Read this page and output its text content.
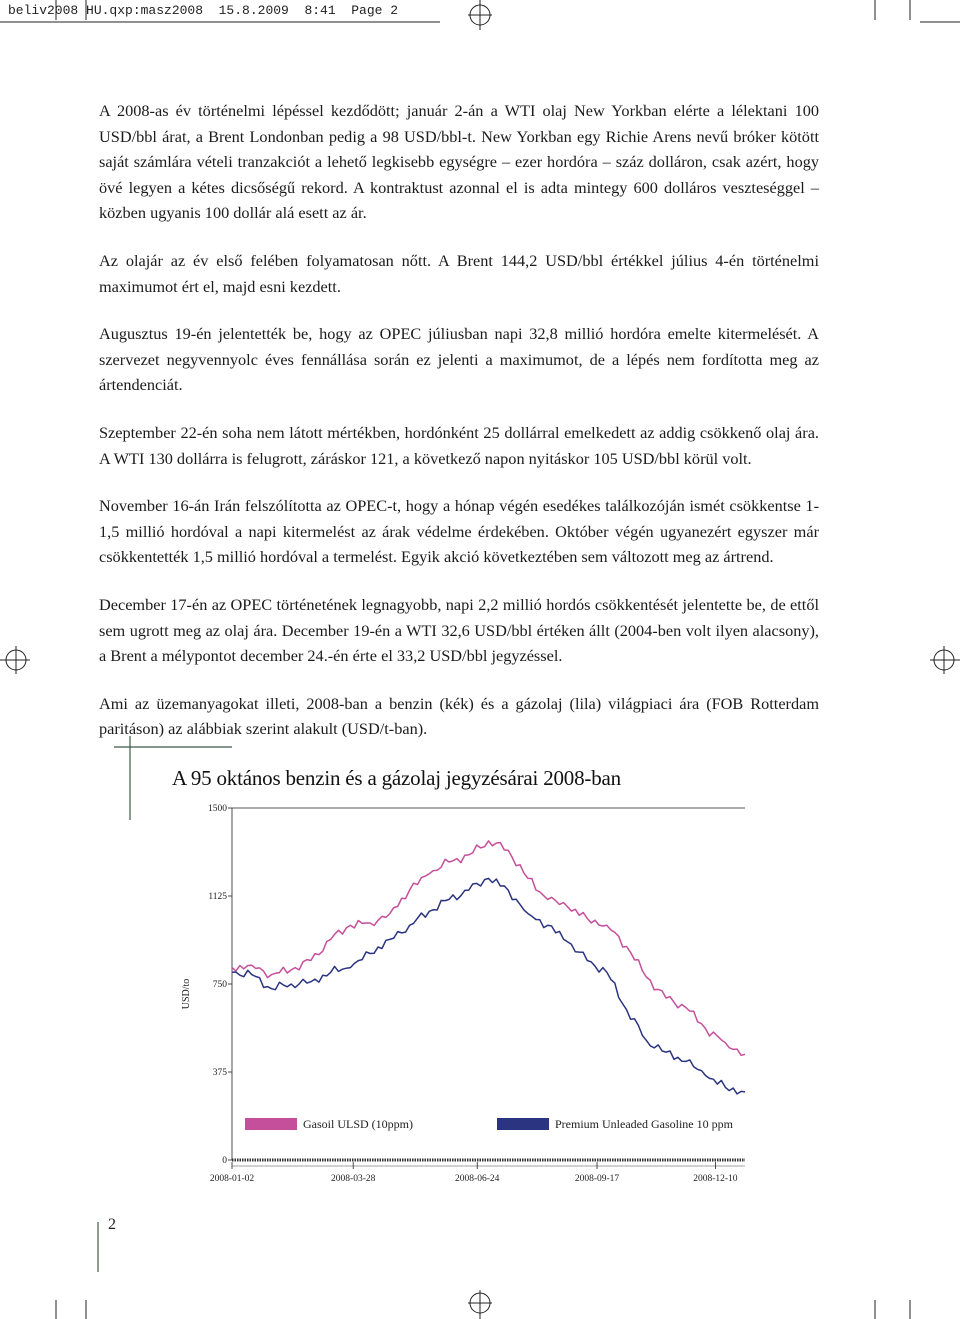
beliv2008 HU.qxp:masz2008  15.8.2009  8:41  Page 2

A 2008-as év történelmi lépéssel kezdődött; január 2-án a WTI olaj New Yorkban elérte a lélektani 100 USD/bbl árat, a Brent Londonban pedig a 98 USD/bbl-t. New Yorkban egy Richie Arens nevű bróker kötött saját számlára vételi tranzakciót a lehető legkisebb egységre – ezer hordóra – száz dolláron, csak azért, hogy övé legyen a kétes dicsőségű rekord. A kontraktust azonnal el is adta mintegy 600 dolláros veszteséggel – közben ugyanis 100 dollár alá esett az ár.

Az olajár az év első felében folyamatosan nőtt. A Brent 144,2 USD/bbl értékkel július 4-én történelmi maximumot ért el, majd esni kezdett.

Augusztus 19-én jelentették be, hogy az OPEC júliusban napi 32,8 millió hordóra emelte kitermelését. A szervezet negyvennyolc éves fennállása során ez jelenti a maximumot, de a lépés nem fordította meg az ártendenciát.

Szeptember 22-én soha nem látott mértékben, hordónként 25 dollárral emelkedett az addig csökkenő olaj ára. A WTI 130 dollárra is felugrott, záráskor 121, a következő napon nyitáskor 105 USD/bbl körül volt.

November 16-án Irán felszólította az OPEC-t, hogy a hónap végén esedékes találkozóján ismét csökkentse 1-1,5 millió hordóval a napi kitermelést az árak védelme érdekében. Október végén ugyanezért egyszer már csökkentették 1,5 millió hordóval a termelést. Egyik akció következtében sem változott meg az ártrend.

December 17-én az OPEC történetének legnagyobb, napi 2,2 millió hordós csökkentését jelentette be, de ettől sem ugrott meg az olaj ára. December 19-én a WTI 32,6 USD/bbl értéken állt (2004-ben volt ilyen alacsony), a Brent a mélypontot december 24.-én érte el 33,2 USD/bbl jegyzéssel.

Ami az üzemanyagokat illeti, 2008-ban a benzin (kék) és a gázolaj (lila) világpiaci ára (FOB Rotterdam paritáson) az alábbiak szerint alakult (USD/t-ban).

A 95 oktános benzin és a gázolaj jegyzésárai 2008-ban
0
375
750
1125
1500
2008-01-02	2008-03-28	2008-06-24	2008-09-17	2008-12-10
USD/to
Gasoil ULSD (10ppm)	Premium Unleaded Gasoline 10 ppm
2
